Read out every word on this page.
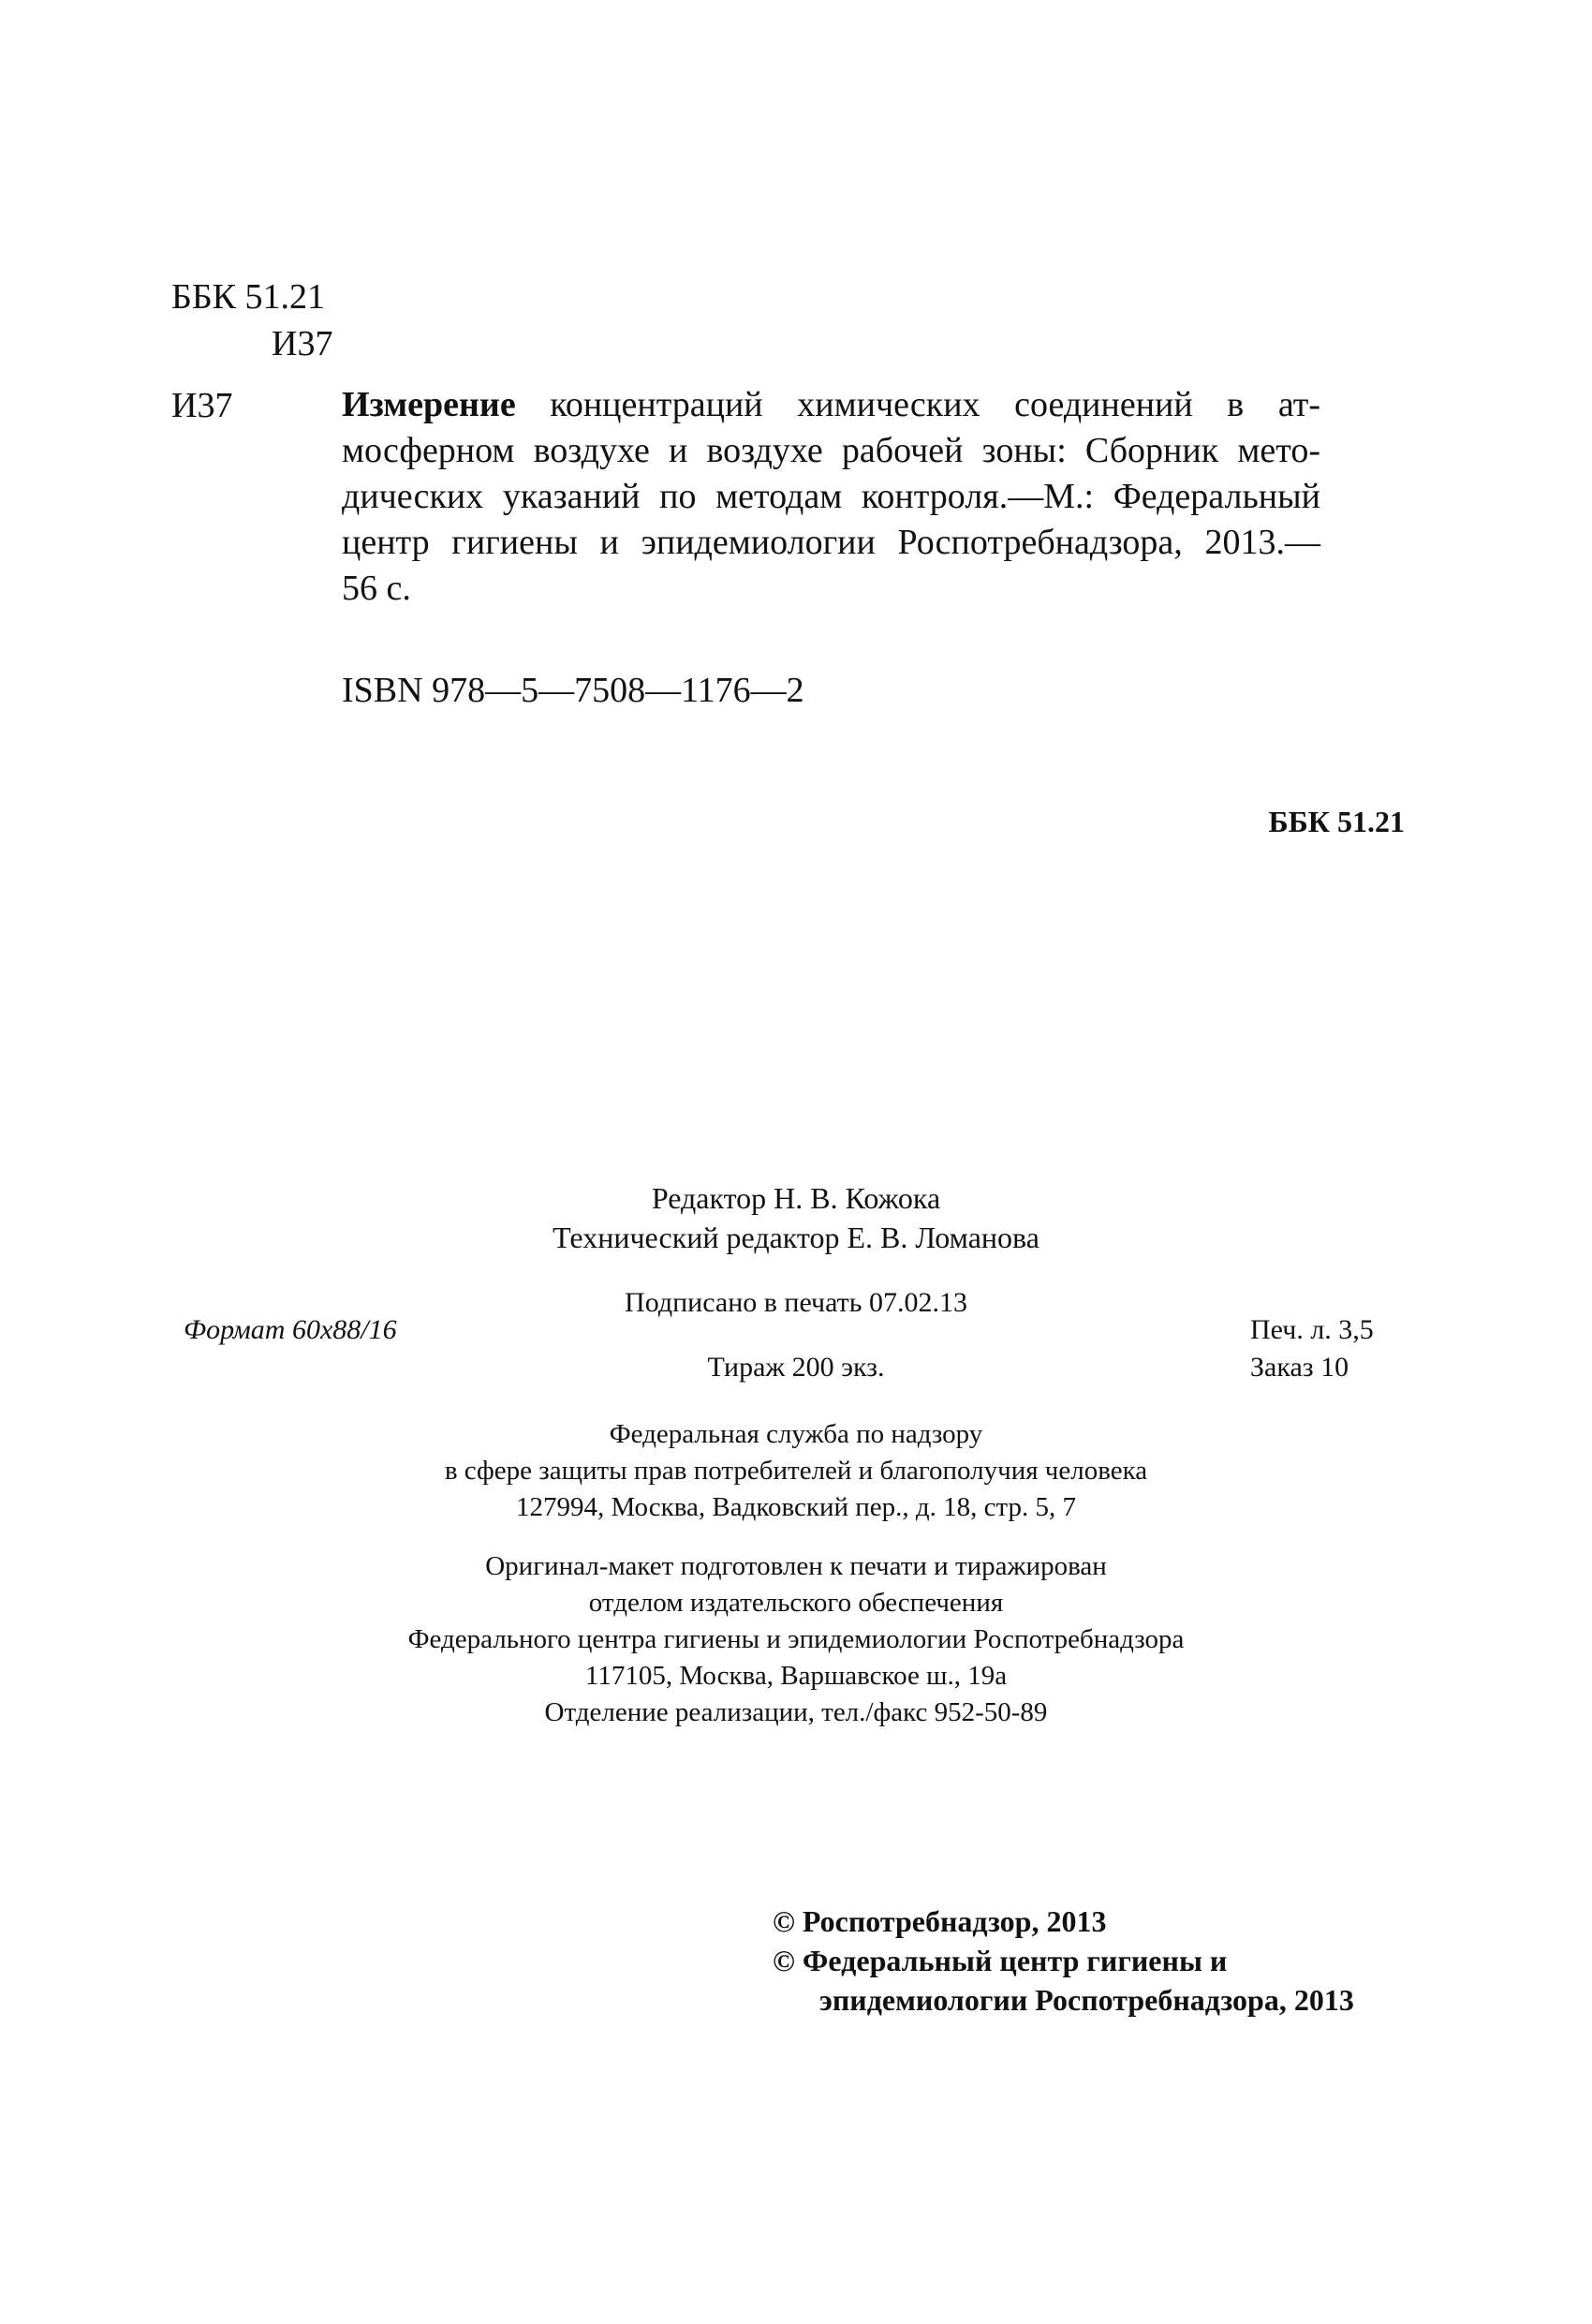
ББК 51.21
И37
И37	Измерение концентраций химических соединений в ат-
мосферном воздухе и воздухе рабочей зоны: Сборник мето-
дических указаний по методам контроля.—М.: Федеральный
центр гигиены и эпидемиологии Роспотребнадзора, 2013.—
56 с.
ISBN 978—5—7508—1176—2
ББК 51.21
Редактор Н. В. Кожока
Технический редактор Е. В. Ломанова
Подписано в печать 07.02.13
Формат 60х88/16	Печ. л. 3,5
Тираж 200 экз.	Заказ 10
Федеральная служба по надзору
в сфере защиты прав потребителей и благополучия человека
127994, Москва, Вадковский пер., д. 18, стр. 5, 7
Оригинал-макет подготовлен к печати и тиражирован
отделом издательского обеспечения
Федерального центра гигиены и эпидемиологии Роспотребнадзора
117105, Москва, Варшавское ш., 19а
Отделение реализации, тел./факс 952-50-89
© Роспотребнадзор, 2013
© Федеральный центр гигиены и
эпидемиологии Роспотребнадзора, 2013
